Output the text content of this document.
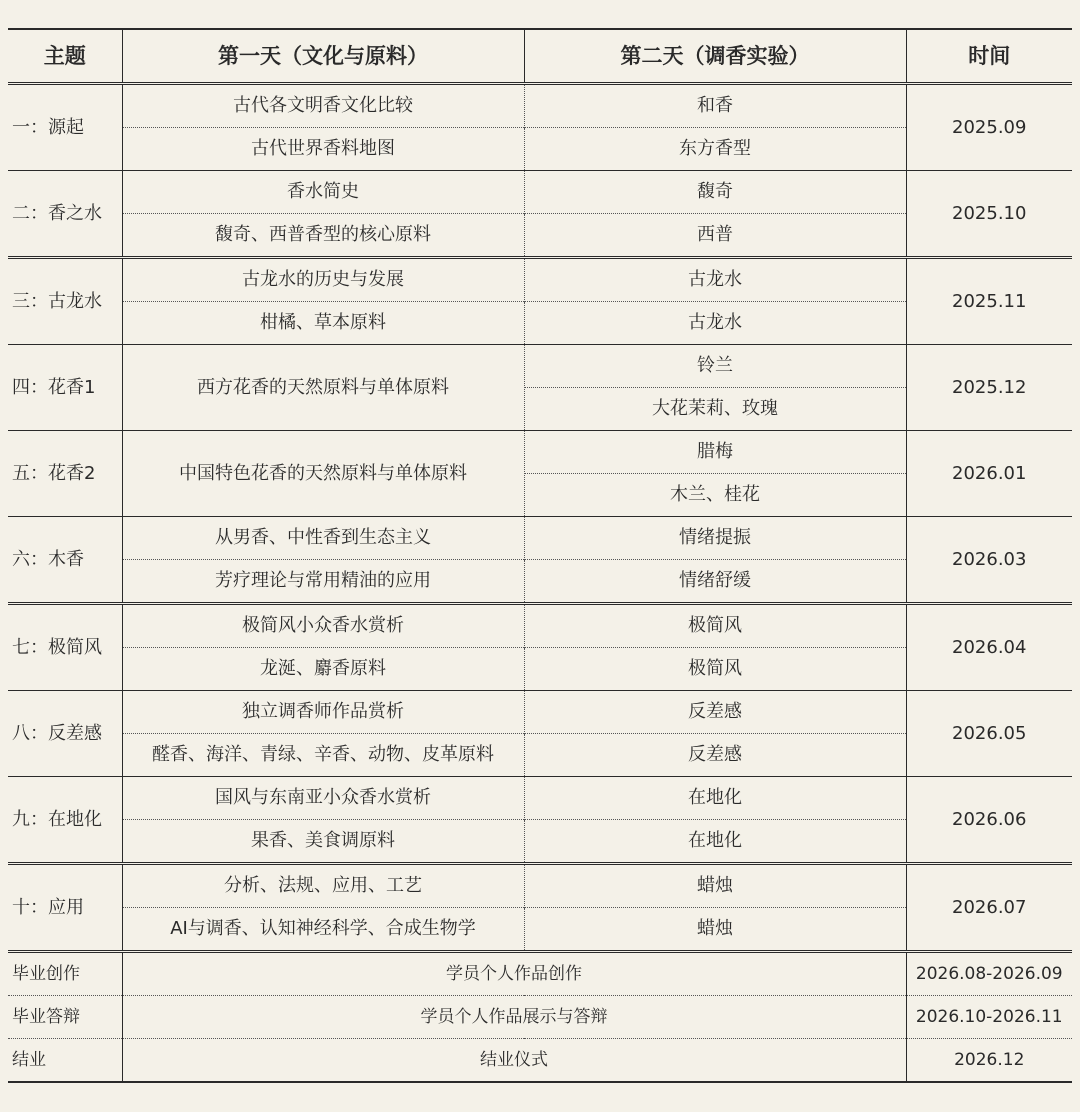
主题	第一天（文化与原料）	第二天（调香实验）	时间
一：源起	古代各文明香文化比较	和香	2025.09
	古代世界香料地图	东方香型	
二：香之水	香水简史	馥奇	2025.10
	馥奇、西普香型的核心原料	西普	
三：古龙水	古龙水的历史与发展	古龙水	2025.11
	柑橘、草本原料	古龙水	
四：花香1	西方花香的天然原料与单体原料	铃兰	2025.12
		大花茉莉、玫瑰	
五：花香2	中国特色花香的天然原料与单体原料	腊梅	2026.01
		木兰、桂花	
六：木香	从男香、中性香到生态主义	情绪提振	2026.03
	芳疗理论与常用精油的应用	情绪舒缓	
七：极简风	极简风小众香水赏析	极简风	2026.04
	龙涎、麝香原料	极简风	
八：反差感	独立调香师作品赏析	反差感	2026.05
	醛香、海洋、青绿、辛香、动物、皮革原料	反差感	
九：在地化	国风与东南亚小众香水赏析	在地化	2026.06
	果香、美食调原料	在地化	
十：应用	分析、法规、应用、工艺	蜡烛	2026.07
	AI与调香、认知神经科学、合成生物学	蜡烛	
毕业创作	学员个人作品创作		2026.08-2026.09
毕业答辩	学员个人作品展示与答辩		2026.10-2026.11
结业	结业仪式		2026.12
